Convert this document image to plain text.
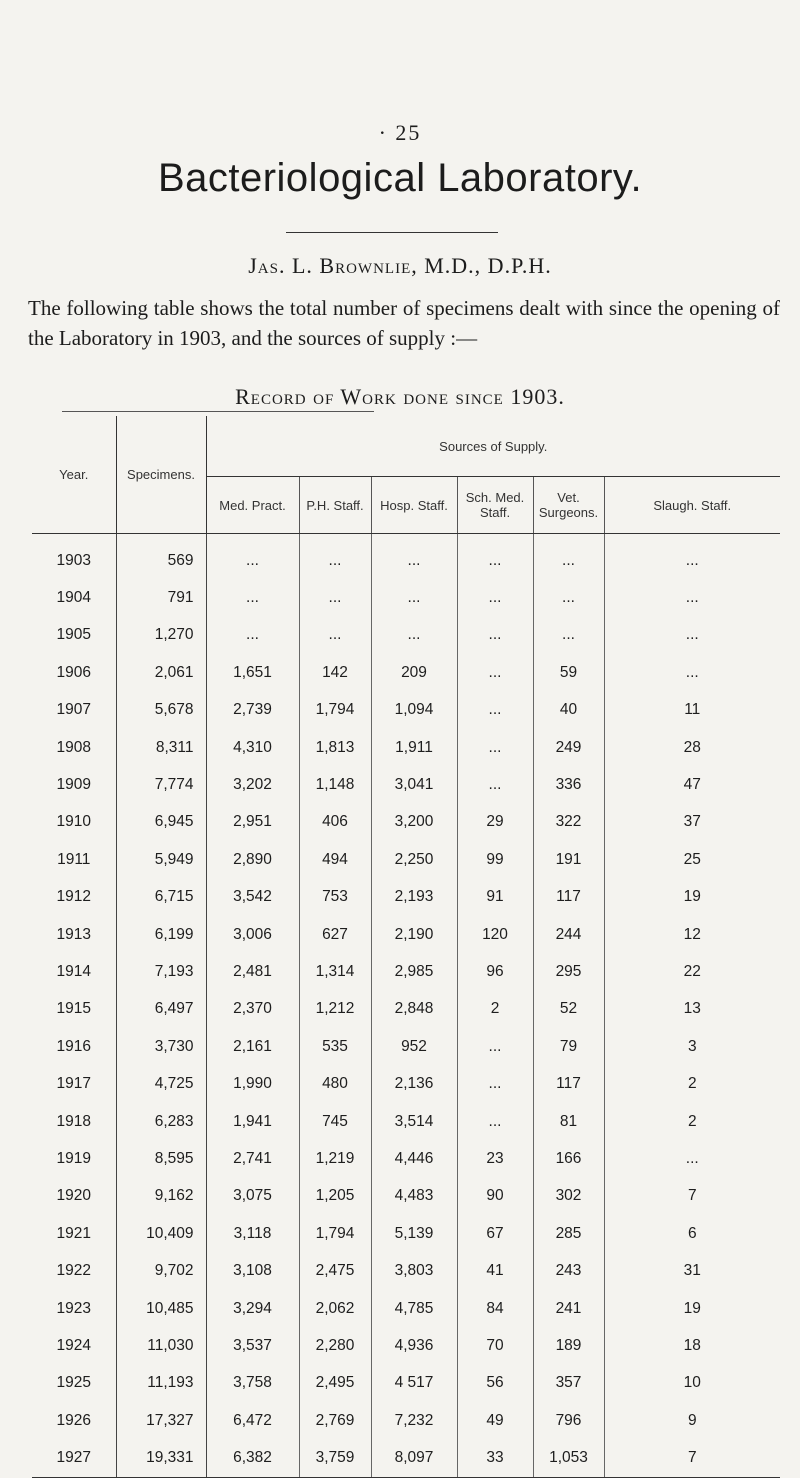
· 25
Bacteriological Laboratory.
Jas. L. Brownlie, M.D., D.P.H.
The following table shows the total number of specimens dealt with since the opening of the Laboratory in 1903, and the sources of supply :—
Record of Work done since 1903.
Year.	Specimens.	Sources of Supply.					
		Med. Pract.	P.H. Staff.	Hosp. Staff.	Sch. Med. Staff.	Vet. Surgeons.	Slaugh. Staff.
1903	569	...	...	...	...	...	...
1904	791	...	...	...	...	...	...
1905	1,270	...	...	...	...	...	...
1906	2,061	1,651	142	209	...	59	...
1907	5,678	2,739	1,794	1,094	...	40	11
1908	8,311	4,310	1,813	1,911	...	249	28
1909	7,774	3,202	1,148	3,041	...	336	47
1910	6,945	2,951	406	3,200	29	322	37
1911	5,949	2,890	494	2,250	99	191	25
1912	6,715	3,542	753	2,193	91	117	19
1913	6,199	3,006	627	2,190	120	244	12
1914	7,193	2,481	1,314	2,985	96	295	22
1915	6,497	2,370	1,212	2,848	2	52	13
1916	3,730	2,161	535	952	...	79	3
1917	4,725	1,990	480	2,136	...	117	2
1918	6,283	1,941	745	3,514	...	81	2
1919	8,595	2,741	1,219	4,446	23	166	...
1920	9,162	3,075	1,205	4,483	90	302	7
1921	10,409	3,118	1,794	5,139	67	285	6
1922	9,702	3,108	2,475	3,803	41	243	31
1923	10,485	3,294	2,062	4,785	84	241	19
1924	11,030	3,537	2,280	4,936	70	189	18
1925	11,193	3,758	2,495	4 517	56	357	10
1926	17,327	6,472	2,769	7,232	49	796	9
1927	19,331	6,382	3,759	8,097	33	1,053	7
